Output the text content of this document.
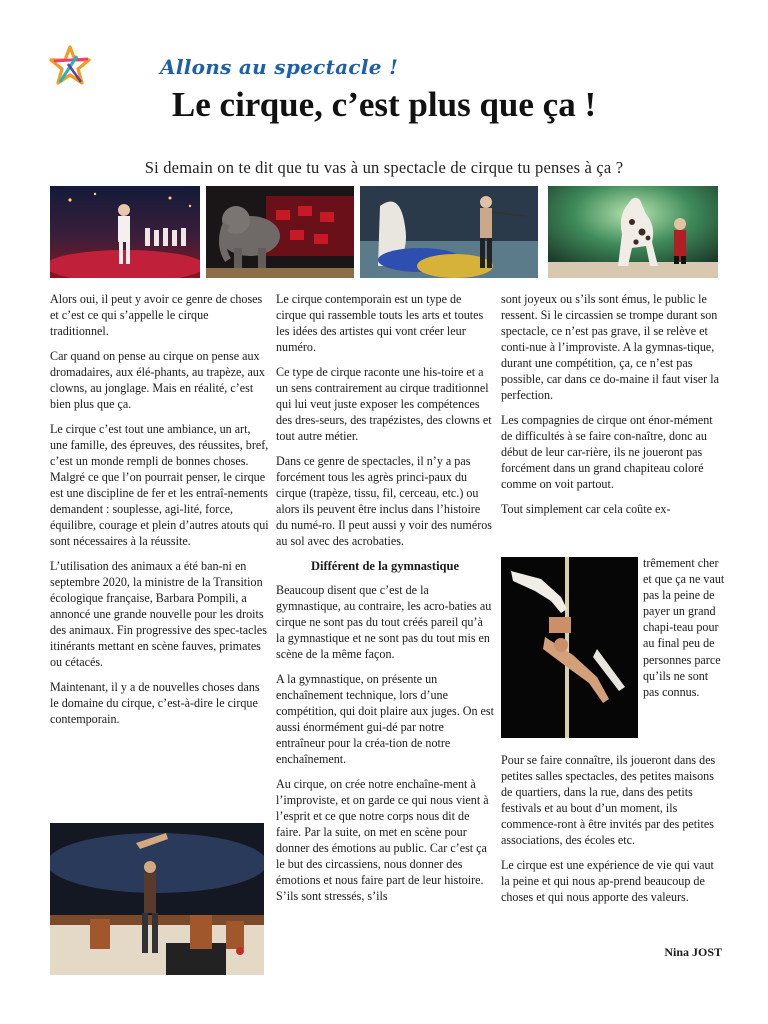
Allons au spectacle !
Le cirque, c’est plus que ça !
Si demain on te dit que tu vas à un spectacle de cirque tu penses à ça ?

Alors oui, il peut y avoir ce genre de choses et c’est ce qui s’appelle le cirque traditionnel.

Car quand on pense au cirque on pense aux dromadaires, aux élé-phants, au trapèze, aux clowns, au jonglage. Mais en réalité, c’est bien plus que ça.

Le cirque c’est tout une ambiance, un art, une famille, des épreuves, des réussites, bref, c’est un monde rempli de bonnes choses. Malgré ce que l’on pourrait penser, le cirque est une discipline de fer et les entraî-nements demandent : souplesse, agi-lité, force, équilibre, courage et plein d’autres atouts qui sont nécessaires à la réussite.

L’utilisation des animaux a été ban-ni en septembre 2020, la ministre de la Transition écologique française, Barbara Pompili, a annoncé une grande nouvelle pour les droits des animaux. Fin progressive des spec-tacles itinérants mettant en scène fauves, primates ou cétacés.

Maintenant, il y a de nouvelles choses dans le domaine du cirque, c’est-à-dire le cirque contemporain.

Le cirque contemporain est un type de cirque qui rassemble touts les arts et toutes les idées des artistes qui vont créer leur numéro.

Ce type de cirque raconte une his-toire et a un sens contrairement au cirque traditionnel qui lui veut juste exposer les compétences des dres-seurs, des trapézistes, des clowns et tout autre métier.

Dans ce genre de spectacles, il n’y a pas forcément tous les agrès princi-paux du cirque (trapèze, tissu, fil, cerceau, etc.) ou alors ils peuvent être inclus dans l’histoire du numé-ro. Il peut aussi y voir des numéros au sol avec des acrobaties.

Différent de la gymnastique

Beaucoup disent que c’est de la gymnastique, au contraire, les acro-baties au cirque ne sont pas du tout créés pareil qu’à la gymnastique et ne sont pas du tout mis en scène de la même façon.

A la gymnastique, on présente un enchaînement technique, lors d’une compétition, qui doit plaire aux juges. On est aussi énormément gui-dé par notre entraîneur pour la créa-tion de notre enchaînement.

Au cirque, on crée notre enchaîne-ment à l’improviste, et on garde ce qui nous vient à l’esprit et ce que notre corps nous dit de faire. Par la suite, on met en scène pour donner des émotions au public. Car c’est ça le but des circassiens, nous donner des émotions et nous faire part de leur histoire. S’ils sont stressés, s’ils

sont joyeux ou s’ils sont émus, le public le ressent. Si le circassien se trompe durant son spectacle, ce n’est pas grave, il se relève et conti-nue à l’improviste. A la gymnas-tique, durant une compétition, ça, ce n’est pas possible, car dans ce do-maine il faut viser la perfection.

Les compagnies de cirque ont énor-mément de difficultés à se faire con-naître, donc au début de leur car-rière, ils ne joueront pas forcément dans un grand chapiteau coloré comme on voit partout.

Tout simplement car cela coûte ex-

trêmement cher et que ça ne vaut pas la peine de payer un grand chapi-teau pour au final peu de personnes parce qu’ils ne sont pas connus.

Pour se faire connaître, ils joueront dans des petites salles spectacles, des petites maisons de quartiers, dans la rue, dans des petits festivals et au bout d’un moment, ils commence-ront à être invités par des petites associations, des écoles etc.

Le cirque est une expérience de vie qui vaut la peine et qui nous ap-prend beaucoup de choses et qui nous apporte des valeurs.

Nina JOST
